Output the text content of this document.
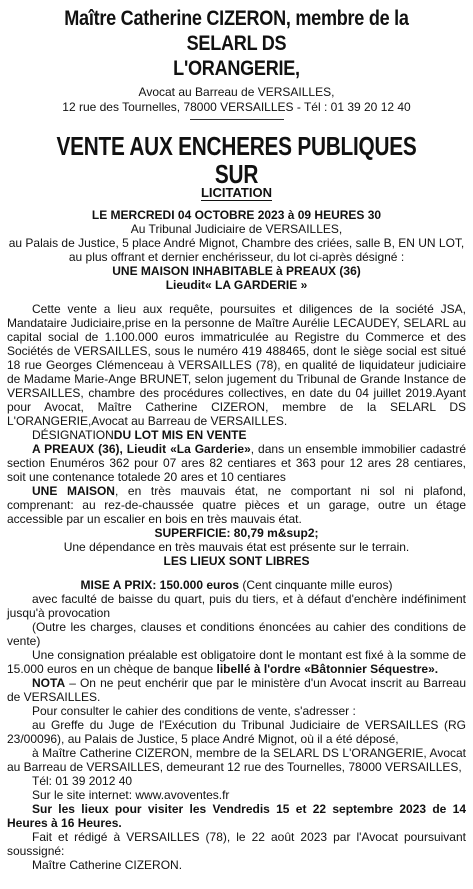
Maître Catherine CIZERON, membre de la SELARL DS
L'ORANGERIE,
Avocat au Barreau de VERSAILLES,
12 rue des Tournelles, 78000 VERSAILLES - Tél : 01 39 20 12 40
VENTE AUX ENCHERES PUBLIQUES SUR
LICITATION
LE MERCREDI 04 OCTOBRE 2023 à 09 HEURES 30
Au Tribunal Judiciaire de VERSAILLES,
au Palais de Justice, 5 place André Mignot, Chambre des criées, salle B, EN UN LOT,
au plus offrant et dernier enchérisseur, du lot ci-après désigné :
UNE MAISON INHABITABLE à PREAUX (36)
Lieudit« LA GARDERIE »
Cette vente a lieu aux requête, poursuites et diligences de la société JSA, Mandataire Judiciaire,prise en la personne de Maître Aurélie LECAUDEY, SELARL au capital social de 1.100.000 euros immatriculée au Registre du Commerce et des Sociétés de VERSAILLES, sous le numéro 419 488465, dont le siège social est situé 18 rue Georges Clémenceau à VERSAILLES (78), en qualité de liquidateur judiciaire de Madame Marie-Ange BRUNET, selon jugement du Tribunal de Grande Instance de VERSAILLES, chambre des procédures collectives, en date du 04 juillet 2019.Ayant pour Avocat, Maître Catherine CIZERON, membre de la SELARL DS L'ORANGERIE,Avocat au Barreau de VERSAILLES.
DÉSIGNATIONDU LOT MIS EN VENTE
A PREAUX (36), Lieudit «La Garderie», dans un ensemble immobilier cadastré section Enuméros 362 pour 07 ares 82 centiares et 363 pour 12 ares 28 centiares, soit une contenance totalede 20 ares et 10 centiares
UNE MAISON, en très mauvais état, ne comportant ni sol ni plafond, comprenant: au rez-de-chaussée quatre pièces et un garage, outre un étage accessible par un escalier en bois en très mauvais état.
SUPERFICIE: 80,79 m&sup2;
Une dépendance en très mauvais état est présente sur le terrain.
LES LIEUX SONT LIBRES
MISE A PRIX: 150.000 euros (Cent cinquante mille euros)
avec faculté de baisse du quart, puis du tiers, et à défaut d'enchère indéfiniment jusqu'à provocation
(Outre les charges, clauses et conditions énoncées au cahier des conditions de vente)
Une consignation préalable est obligatoire dont le montant est fixé à la somme de 15.000 euros en un chèque de banque libellé à l'ordre «Bâtonnier Séquestre».
NOTA – On ne peut enchérir que par le ministère d'un Avocat inscrit au Barreau de VERSAILLES.
Pour consulter le cahier des conditions de vente, s'adresser :
au Greffe du Juge de l'Exécution du Tribunal Judiciaire de VERSAILLES (RG 23/00096), au Palais de Justice, 5 place André Mignot, où il a été déposé,
à Maître Catherine CIZERON, membre de la SELARL DS L'ORANGERIE, Avocat au Barreau de VERSAILLES, demeurant 12 rue des Tournelles, 78000 VERSAILLES,
Tél: 01 39 2012 40
Sur le site internet: www.avoventes.fr
Sur les lieux pour visiter les Vendredis 15 et 22 septembre 2023 de 14 Heures à 16 Heures.
Fait et rédigé à VERSAILLES (78), le 22 août 2023 par l'Avocat poursuivant soussigné:
Maître Catherine CIZERON.
